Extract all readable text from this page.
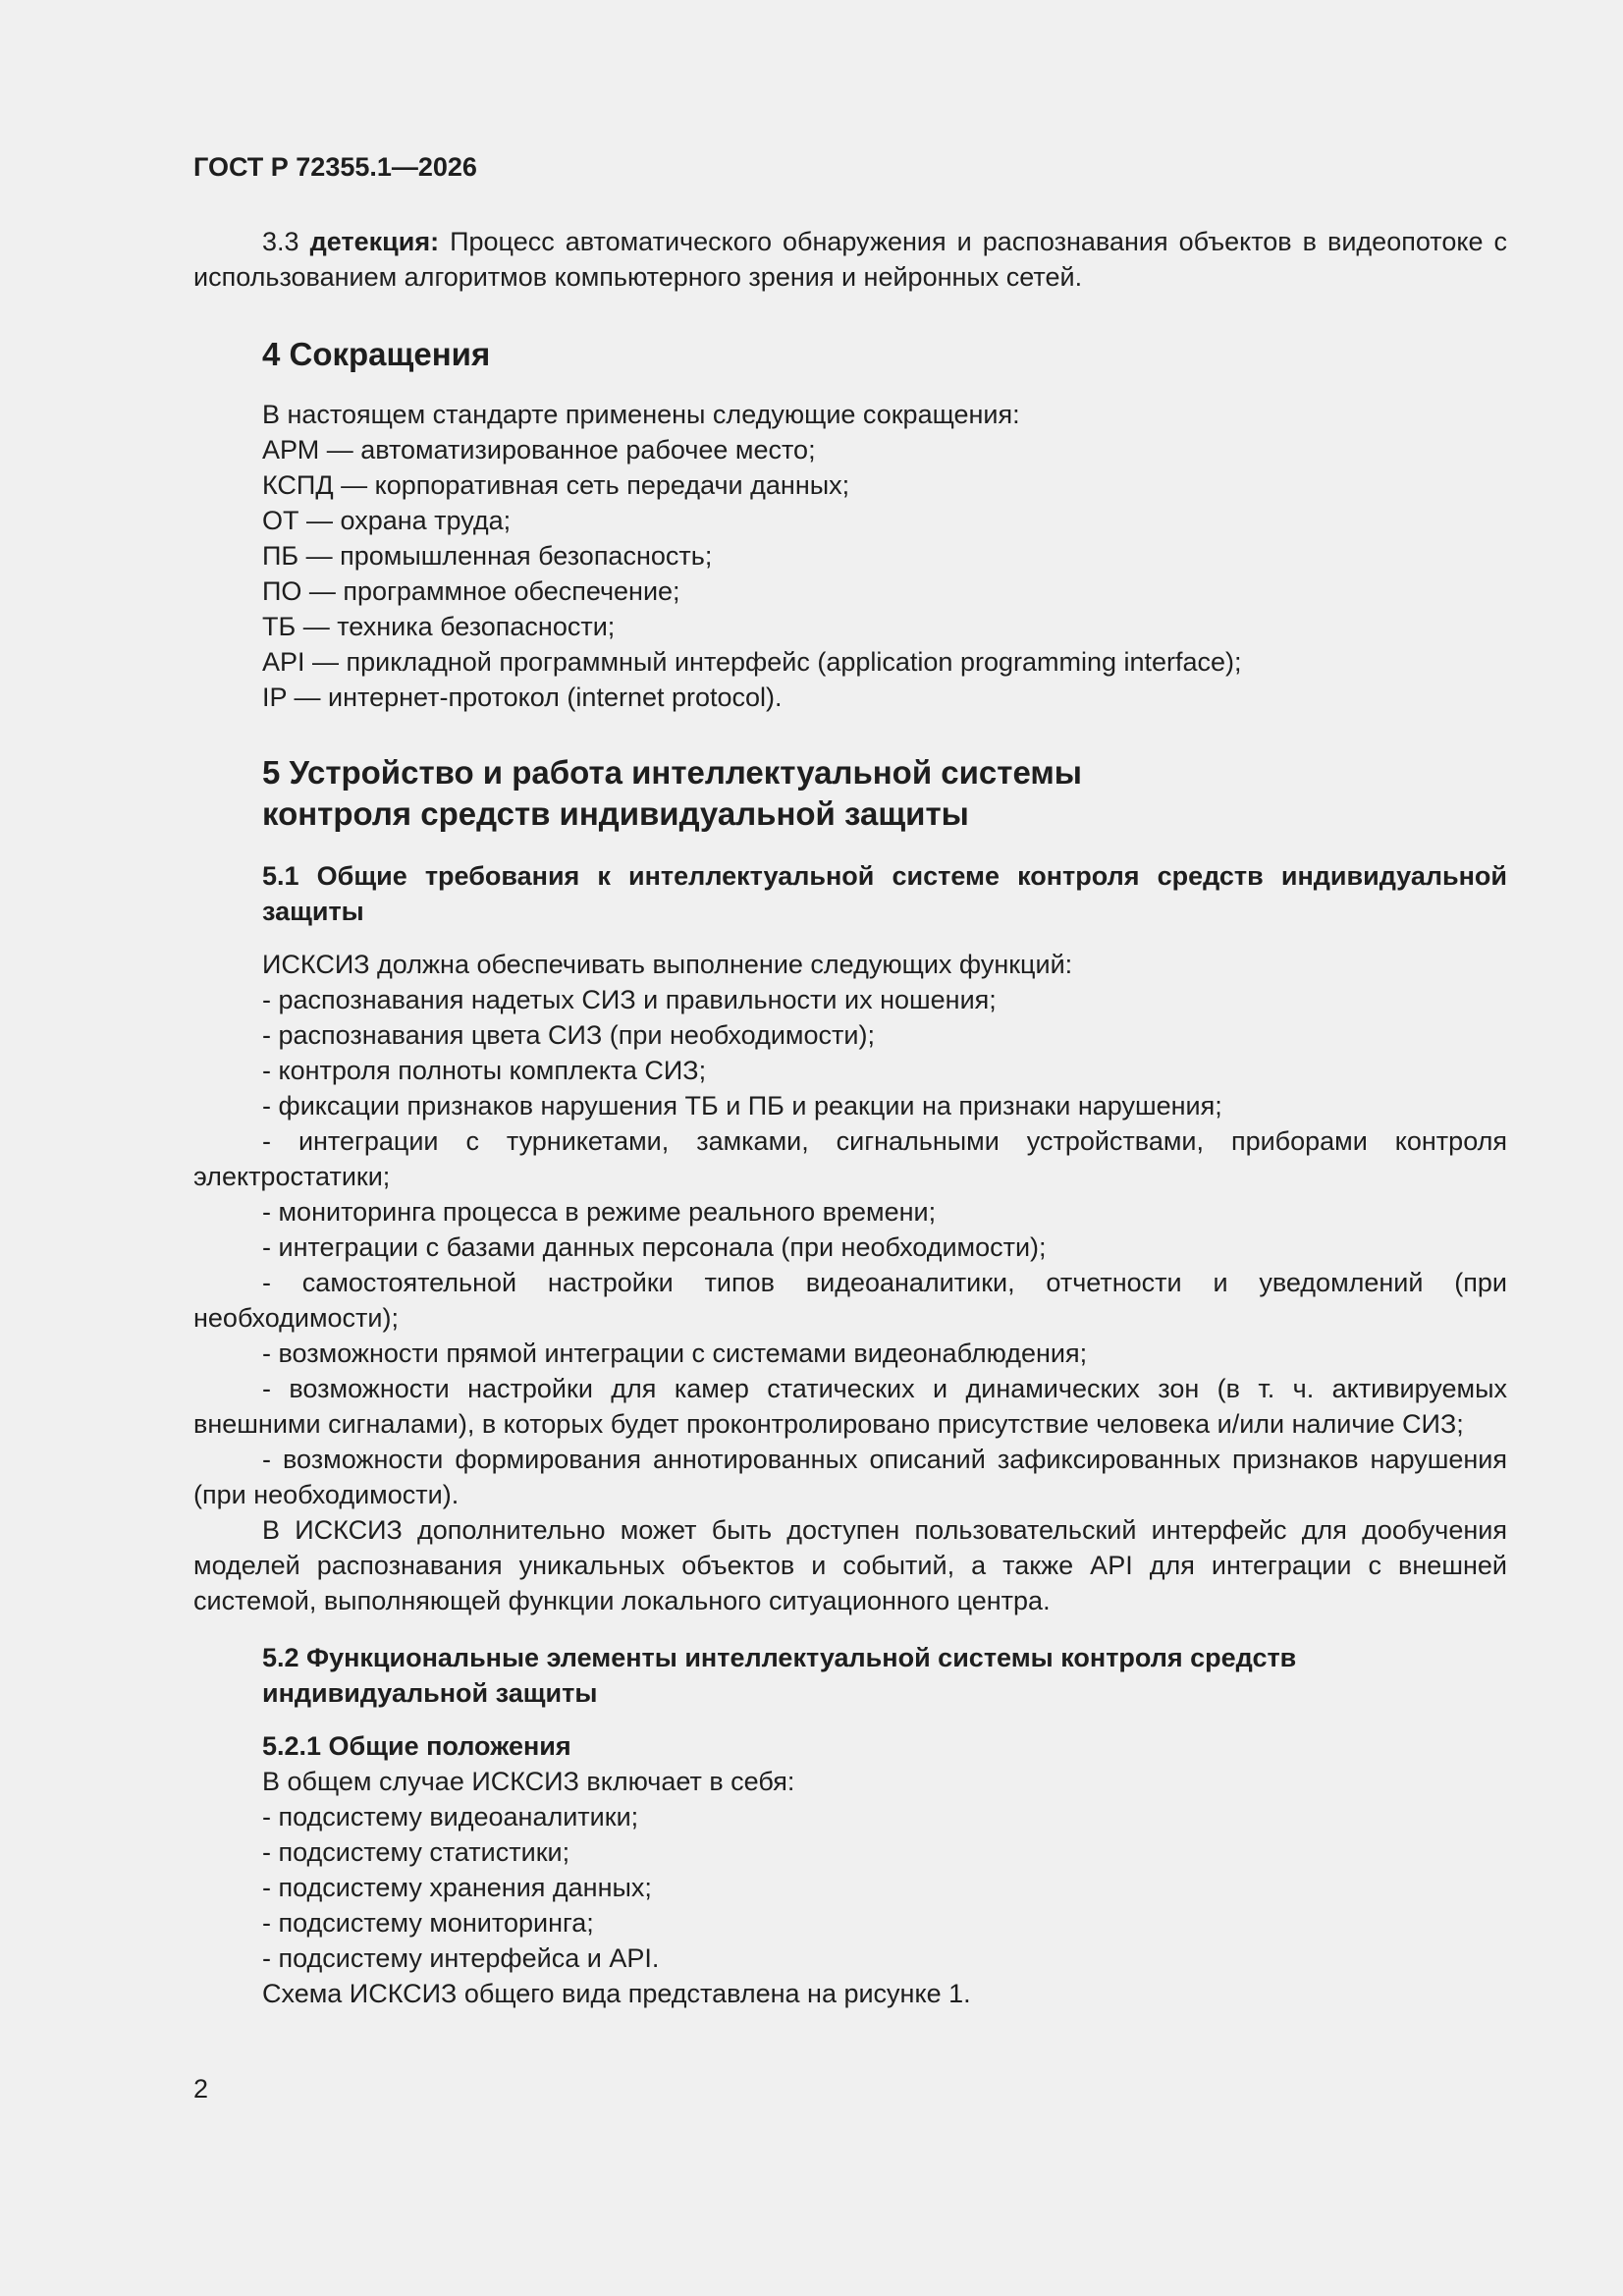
ГОСТ Р 72355.1—2026

3.3 детекция: Процесс автоматического обнаружения и распознавания объектов в видеопотоке с использованием алгоритмов компьютерного зрения и нейронных сетей.

4 Сокращения
В настоящем стандарте применены следующие сокращения:
АРМ — автоматизированное рабочее место;
КСПД — корпоративная сеть передачи данных;
ОТ — охрана труда;
ПБ — промышленная безопасность;
ПО — программное обеспечение;
ТБ — техника безопасности;
API — прикладной программный интерфейс (application programming interface);
IP — интернет-протокол (internet protocol).
5 Устройство и работа интеллектуальной системы
контроля средств индивидуальной защиты
5.1 Общие требования к интеллектуальной системе контроля средств индивидуальной защиты
ИСКСИЗ должна обеспечивать выполнение следующих функций:
- распознавания надетых СИЗ и правильности их ношения;
- распознавания цвета СИЗ (при необходимости);
- контроля полноты комплекта СИЗ;
- фиксации признаков нарушения ТБ и ПБ и реакции на признаки нарушения;

- интеграции с турникетами, замками, сигнальными устройствами, приборами контроля электростатики;

- мониторинга процесса в режиме реального времени;
- интеграции с базами данных персонала (при необходимости);

- самостоятельной настройки типов видеоаналитики, отчетности и уведомлений (при необходимости);

- возможности прямой интеграции с системами видеонаблюдения;

- возможности настройки для камер статических и динамических зон (в т. ч. активируемых внешними сигналами), в которых будет проконтролировано присутствие человека и/или наличие СИЗ;

- возможности формирования аннотированных описаний зафиксированных признаков нарушения (при необходимости).

В ИСКСИЗ дополнительно может быть доступен пользовательский интерфейс для дообучения моделей распознавания уникальных объектов и событий, а также API для интеграции с внешней системой, выполняющей функции локального ситуационного центра.

5.2 Функциональные элементы интеллектуальной системы контроля средств
индивидуальной защиты
5.2.1 Общие положения
В общем случае ИСКСИЗ включает в себя:
- подсистему видеоаналитики;
- подсистему статистики;
- подсистему хранения данных;
- подсистему мониторинга;
- подсистему интерфейса и API.
Схема ИСКСИЗ общего вида представлена на рисунке 1.
2
